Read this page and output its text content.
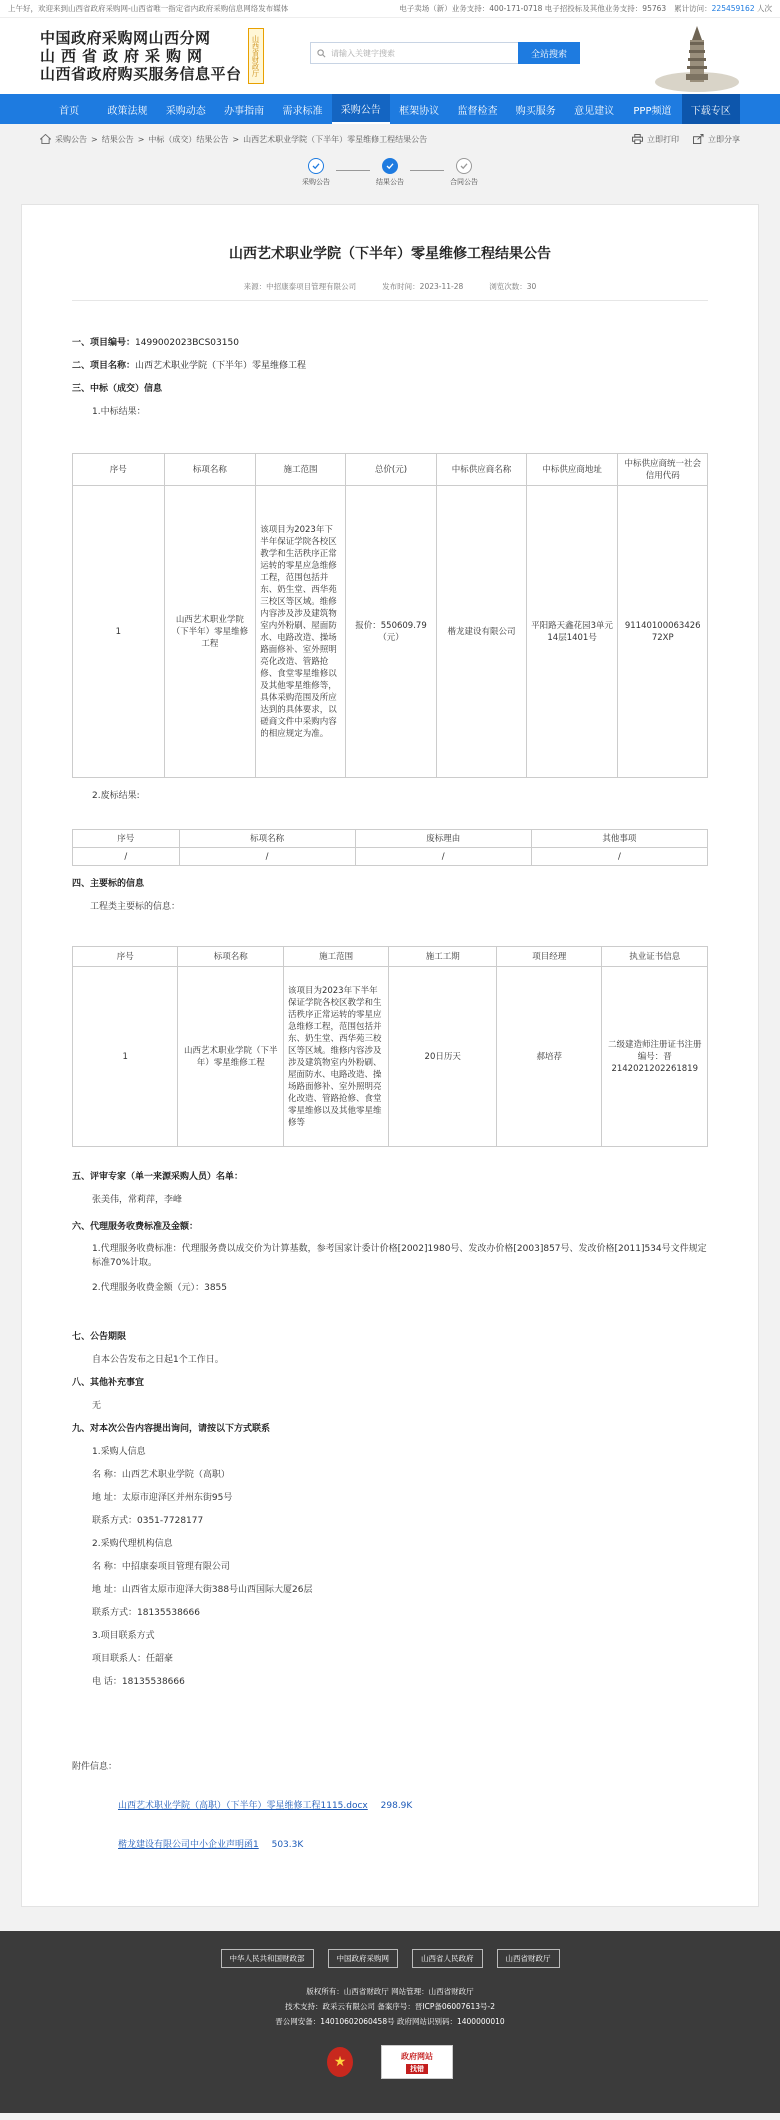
上午好，欢迎来到山西省政府采购网-山西省唯一指定省内政府采购信息网络发布媒体	电子卖场（新）业务支持：400-171-0718 电子招投标及其他业务支持：95763 累计访问：225459162 人次
中国政府采购网山西分网
山西省政府采购网
山西省政府购买服务信息平台	山西省财政厅	请输入关键字搜索	全站搜索
首页	政策法规	采购动态	办事指南	需求标准	采购公告	框架协议	监督检查	购买服务	意见建议	PPP频道	下载专区
采购公告 > 结果公告 > 中标（成交）结果公告 > 山西艺术职业学院（下半年）零星维修工程结果公告	立即打印	立即分享
采购公告	结果公告	合同公告
山西艺术职业学院（下半年）零星维修工程结果公告
来源：中招康泰项目管理有限公司	发布时间：2023-11-28	浏览次数：30
一、项目编号：1499002023BCS03150
二、项目名称：山西艺术职业学院（下半年）零星维修工程
三、中标（成交）信息
1.中标结果：
序号	标项名称	施工范围	总价(元)	中标供应商名称	中标供应商地址	中标供应商统一社会信用代码
1	山西艺术职业学院（下半年）零星维修工程	该项目为2023年下半年保证学院各校区教学和生活秩序正常运转的零星应急维修工程，范围包括并东、奶生堂、西华苑三校区等区域。维修内容涉及涉及建筑物室内外粉刷、屋面防水、电路改造、操场路面修补、室外照明亮化改造、管路抢修、食堂零星维修以及其他零星维修等，具体采购范围及所应达到的具体要求，以磋商文件中采购内容的相应规定为准。	报价：550609.79（元）	楷龙建设有限公司	平阳路天鑫花园3单元14层1401号	91140100063426​72XP
2.废标结果:
序号	标项名称	废标理由	其他事项
/	/	/	/
四、主要标的信息
工程类主要标的信息：
序号	标项名称	施工范围	施工工期	项目经理	执业证书信息
1	山西艺术职业学院（下半年）零星维修工程	该项目为2023年下半年保证学院各校区教学和生活秩序正常运转的零星应急维修工程，范围包括并东、奶生堂、西华苑三校区等区域。维修内容涉及涉及建筑物室内外粉刷、屋面防水、电路改造、操场路面修补、室外照明亮化改造、管路抢修、食堂零星维修以及其他零星维修等	20日历天	郝培荐	二级建造师注册证书注册编号：晋2142021202261819
五、评审专家（单一来源采购人员）名单：
张美伟，常莉萍，李峰
六、代理服务收费标准及金额：
1.代理服务收费标准：代理服务费以成交价为计算基数，参考国家计委计价格[2002]1980号、发改办价格[2003]857号、发改价格[2011]534号文件规定标准70%计取。
2.代理服务收费金额（元）：3855
七、公告期限
自本公告发布之日起1个工作日。
八、其他补充事宜
无
九、对本次公告内容提出询问，请按以下方式联系
1.采购人信息
名 称：山西艺术职业学院（高职）
地 址：太原市迎泽区并州东街95号
联系方式：0351-7728177
2.采购代理机构信息
名 称：中招康泰项目管理有限公司
地 址：山西省太原市迎泽大街388号山西国际大厦26层
联系方式：18135538666
3.项目联系方式
项目联系人：任韶豪
电 话：18135538666
附件信息：
山西艺术职业学院（高职）（下半年）零星维修工程1115.docx 298.9K
楷龙建设有限公司中小企业声明函1 503.3K
中华人民共和国财政部	中国政府采购网	山西省人民政府	山西省财政厅
版权所有：山西省财政厅 网站管理：山西省财政厅
技术支持：政采云有限公司 备案序号：晋ICP备06007613号-2
晋公网安备：14010602060458号 政府网站识别码：1400000010
★	政府网站
找错
